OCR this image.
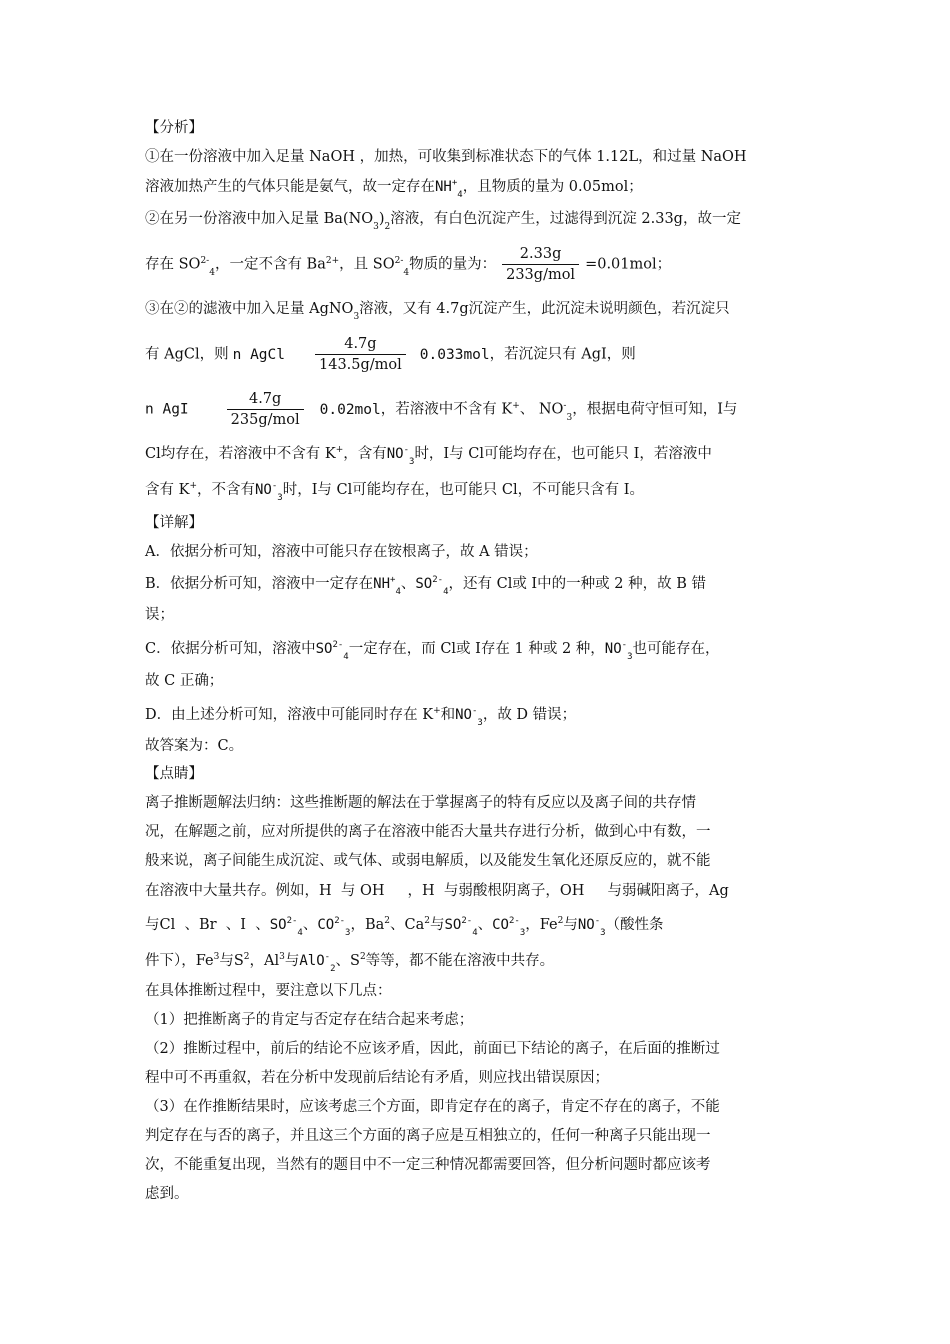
【分析】
①在一份溶液中加入足量 NaOH ，加热，可收集到标准状态下的气体 1.12L，和过量 NaOH
溶液加热产生的气体只能是氨气，故一定存在$NH^+_4$，且物质的量为 0.05mol；
②在另一份溶液中加入足量 $Ba(NO_3)_2$溶液，有白色沉淀产生，过滤得到沉淀 2.33g，故一定
存在 $SO^{2-}_4$，一定不含有 $Ba^{2+}$，且 $SO^{2-}_4$物质的量为： $\frac{2.33g}{\text{233g/mol}} =0.01mol$；
③在②的滤液中加入足量 AgNO$_3$溶液，又有 4.7g沉淀产生，此沉淀未说明颜色，若沉淀只
有 AgCl，则 n AgCl $\frac{4.7g}{\text{143.5g/mol}} 0.033mol$，若沉淀只有 AgI，则
n AgI	$\frac{4.7g}{\text{235g/mol}} 0.02mol$，若溶液中不含有 K+、 $NO^-_3$，根据电荷守恒可知，I与
Cl均存在，若溶液中不含有 K+，含有$NO^-_3$时，I与 Cl可能均存在，也可能只 I，若溶液中
含有 K+，不含有$NO^-_3$时，I与 Cl可能均存在，也可能只 Cl，不可能只含有 I。
【详解】
A．依据分析可知，溶液中可能只存在铵根离子，故 A 错误；
B．依据分析可知，溶液中一定存在$NH^+_4$、$SO^{2-}_4$，还有 Cl或 I中的一种或 2 种，故 B 错
误；
C．依据分析可知，溶液中$SO^{2-}_4$一定存在，而 Cl或 I存在 1 种或 2 种，$NO^-_3$也可能存在，
故 C 正确；
D．由上述分析可知，溶液中可能同时存在 K+和$NO^-_3$，故 D 错误；
故答案为：C。
【点睛】
离子推断题解法归纳：这些推断题的解法在于掌握离子的特有反应以及离子间的共存情
况，在解题之前，应对所提供的离子在溶液中能否大量共存进行分析，做到心中有数，一
般来说，离子间能生成沉淀、或气体、或弱电解质，以及能发生氧化还原反应的，就不能
在溶液中大量共存。例如，H  与 OH     ，H  与弱酸根阴离子，OH     与弱碱阳离子，Ag
与Cl  、Br  、I  、$SO^{2-}_4$、$CO^{2-}_3$，Ba$^2$、Ca$^2$与$SO^{2-}_4$、$CO^{2-}_3$，Fe$^2$与$NO^-_3$（酸性条
件下），Fe$^3$与$S^2$，Al$^3$与AlO-$_2$、$S^2$等等，都不能在溶液中共存。
在具体推断过程中，要注意以下几点：
（1）把推断离子的肯定与否定存在结合起来考虑；
（2）推断过程中，前后的结论不应该矛盾，因此，前面已下结论的离子，在后面的推断过
程中可不再重叙，若在分析中发现前后结论有矛盾，则应找出错误原因；
（3）在作推断结果时，应该考虑三个方面，即肯定存在的离子，肯定不存在的离子，不能
判定存在与否的离子，并且这三个方面的离子应是互相独立的，任何一种离子只能出现一
次，不能重复出现，当然有的题目中不一定三种情况都需要回答，但分析问题时都应该考
虑到。
